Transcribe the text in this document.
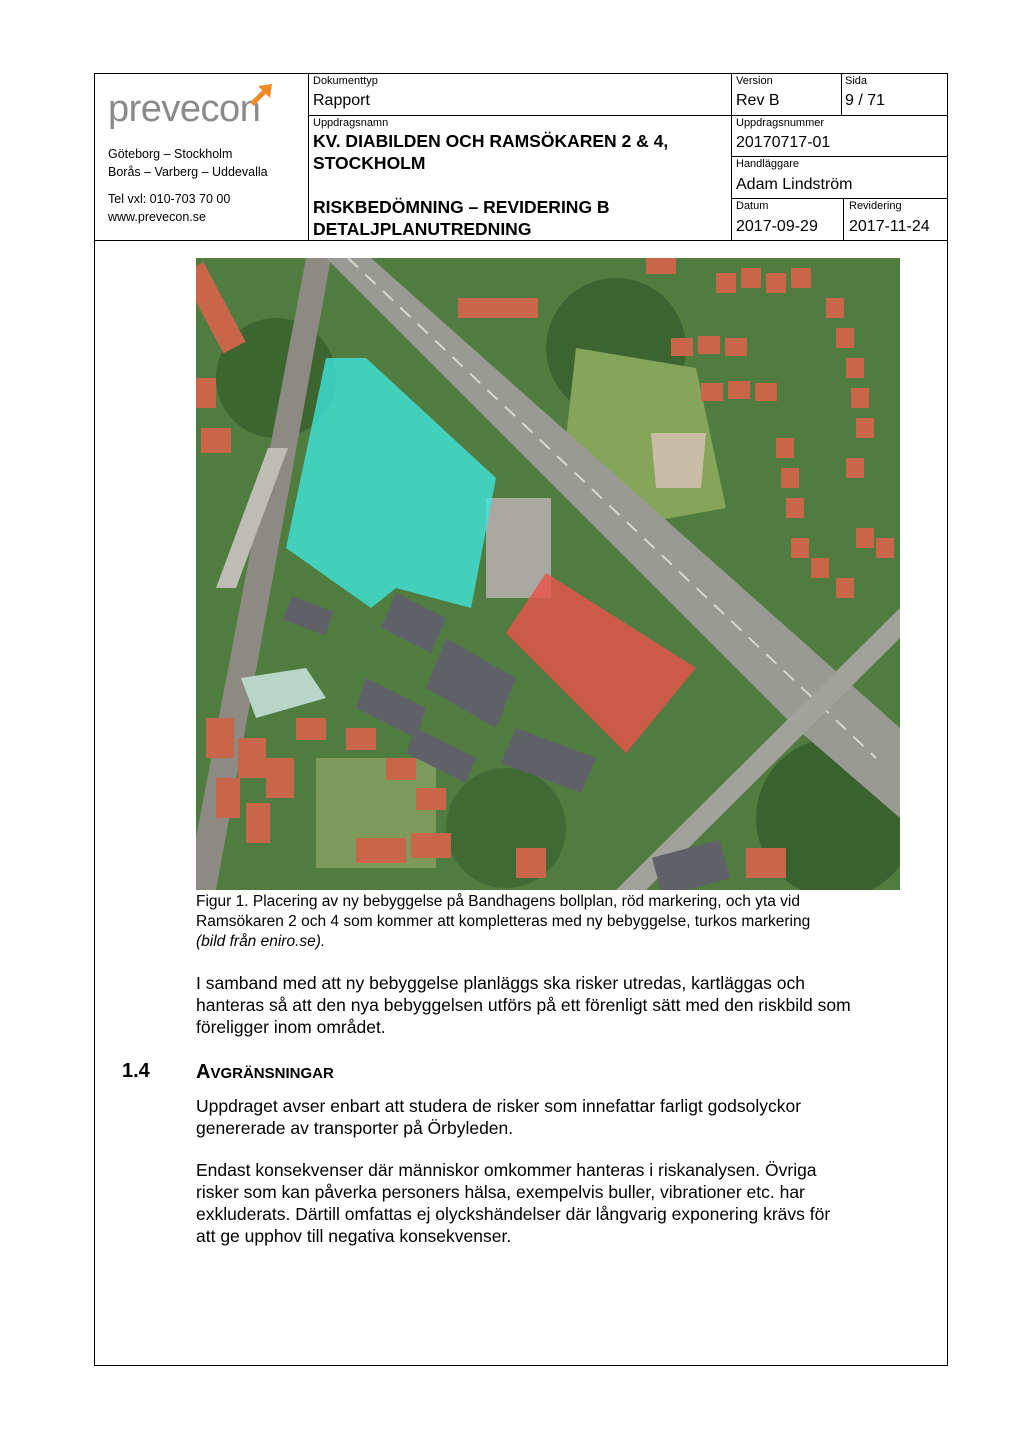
prevecon
Göteborg – Stockholm
Borås – Varberg – Uddevalla
Tel vxl: 010-703 70 00
www.prevecon.se
Dokumenttyp
Rapport
Version
Rev B
Sida
9 / 71
Uppdragsnamn
KV. DIABILDEN OCH RAMSÖKAREN 2 & 4,
STOCKHOLM
RISKBEDÖMNING – REVIDERING B
DETALJPLANUTREDNING
Uppdragsnummer
20170717-01
Handläggare
Adam Lindström
Datum
2017-09-29
Revidering
2017-11-24
Figur 1. Placering av ny bebyggelse på Bandhagens bollplan, röd markering, och yta vid
Ramsökaren 2 och 4 som kommer att kompletteras med ny bebyggelse, turkos markering
(bild från eniro.se).
I samband med att ny bebyggelse planläggs ska risker utredas, kartläggas och
hanteras så att den nya bebyggelsen utförs på ett förenligt sätt med den riskbild som
föreligger inom området.
1.4 AVGRÄNSNINGAR
Uppdraget avser enbart att studera de risker som innefattar farligt godsolyckor
genererade av transporter på Örbyleden.
Endast konsekvenser där människor omkommer hanteras i riskanalysen. Övriga
risker som kan påverka personers hälsa, exempelvis buller, vibrationer etc. har
exkluderats. Därtill omfattas ej olyckshändelser där långvarig exponering krävs för
att ge upphov till negativa konsekvenser.
